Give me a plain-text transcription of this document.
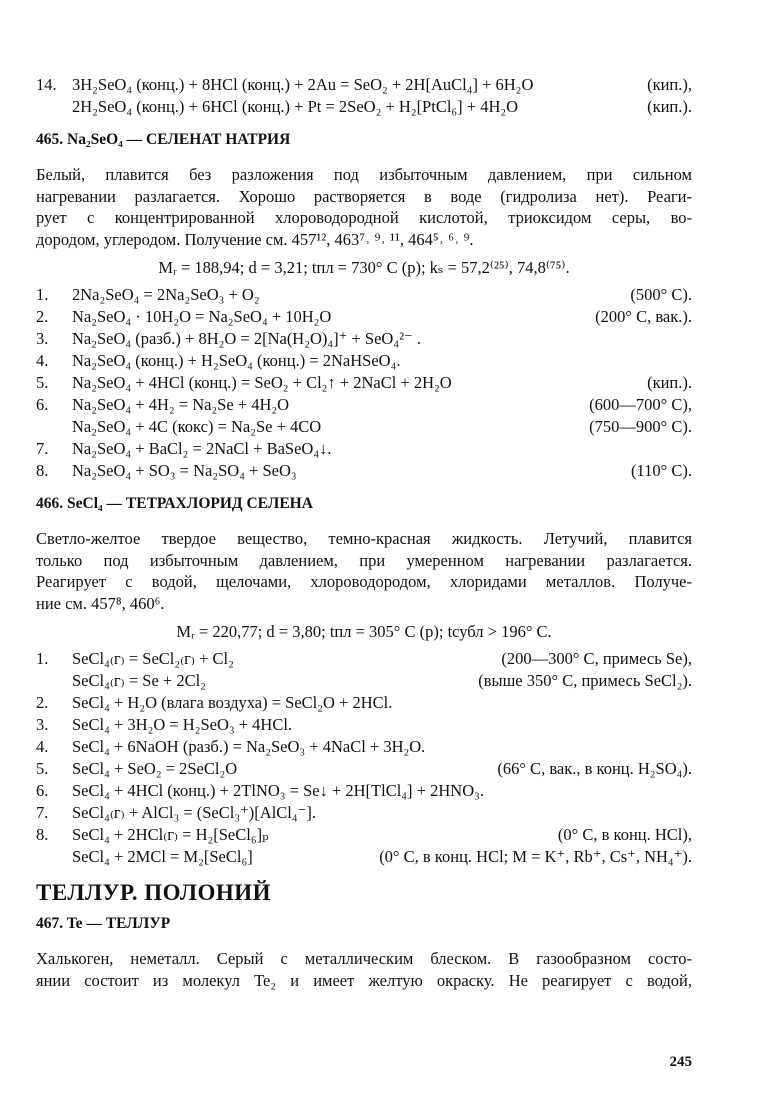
14. 3H₂SeO₄ (конц.) + 8HCl (конц.) + 2Au = SeO₂ + 2H[AuCl₄] + 6H₂O	(кип.),
2H₂SeO₄ (конц.) + 6HCl (конц.) + Pt = 2SeO₂ + H₂[PtCl₆] + 4H₂O	(кип.).
465. Na₂SeO₄ — СЕЛЕНАТ НАТРИЯ
Белый, плавится без разложения под избыточным давлением, при сильном
нагревании разлагается. Хорошо растворяется в воде (гидролиза нет). Реаги-
рует с концентрированной хлороводородной кислотой, триоксидом серы, во-
дородом, углеродом. Получение см. 457¹², 463⁷˒ ⁹˒ ¹¹, 464⁵˒ ⁶˒ ⁹.
Mᵣ = 188,94; d = 3,21; tпл = 730° C (р); kₛ = 57,2⁽²⁵⁾, 74,8⁽⁷⁵⁾.
1.	2Na₂SeO₄ = 2Na₂SeO₃ + O₂	(500° C).
2.	Na₂SeO₄ · 10H₂O = Na₂SeO₄ + 10H₂O	(200° C, вак.).
3.	Na₂SeO₄ (разб.) + 8H₂O = 2[Na(H₂O)₄]⁺ + SeO₄²⁻ .
4.	Na₂SeO₄ (конц.) + H₂SeO₄ (конц.) = 2NaHSeO₄.
5.	Na₂SeO₄ + 4HCl (конц.) = SeO₂ + Cl₂↑ + 2NaCl + 2H₂O	(кип.).
6.	Na₂SeO₄ + 4H₂ = Na₂Se + 4H₂O	(600—700° C),
Na₂SeO₄ + 4C (кокс) = Na₂Se + 4CO	(750—900° C).
7.	Na₂SeO₄ + BaCl₂ = 2NaCl + BaSeO₄↓.
8.	Na₂SeO₄ + SO₃ = Na₂SO₄ + SeO₃	(110° C).
466. SeCl₄ — ТЕТРАХЛОРИД СЕЛЕНА
Светло-желтое твердое вещество, темно-красная жидкость. Летучий, плавится
только под избыточным давлением, при умеренном нагревании разлагается.
Реагирует с водой, щелочами, хлороводородом, хлоридами металлов. Получе-
ние см. 457⁸, 460⁶.
Mᵣ = 220,77; d = 3,80; tпл = 305° C (р); tсубл > 196° C.
1.	SeCl₄₍г₎ = SeCl₂₍г₎ + Cl₂	(200—300° C, примесь Se),
SeCl₄₍г₎ = Se + 2Cl₂	(выше 350° C, примесь SeCl₂).
2.	SeCl₄ + H₂O (влага воздуха) = SeCl₂O + 2HCl.
3.	SeCl₄ + 3H₂O = H₂SeO₃ + 4HCl.
4.	SeCl₄ + 6NaOH (разб.) = Na₂SeO₃ + 4NaCl + 3H₂O.
5.	SeCl₄ + SeO₂ = 2SeCl₂O	(66° C, вак., в конц. H₂SO₄).
6.	SeCl₄ + 4HCl (конц.) + 2TlNO₃ = Se↓ + 2H[TlCl₄] + 2HNO₃.
7.	SeCl₄₍г₎ + AlCl₃ = (SeCl₃⁺)[AlCl₄⁻].
8.	SeCl₄ + 2HCl₍г₎ = H₂[SeCl₆]ₚ	(0° C, в конц. HCl),
SeCl₄ + 2MCl = M₂[SeCl₆]	(0° C, в конц. HCl; M = K⁺, Rb⁺, Cs⁺, NH₄⁺).
ТЕЛЛУР. ПОЛОНИЙ
467. Te — ТЕЛЛУР
Халькоген, неметалл. Серый с металлическим блеском. В газообразном состо-
янии состоит из молекул Te₂ и имеет желтую окраску. Не реагирует с водой,
245
